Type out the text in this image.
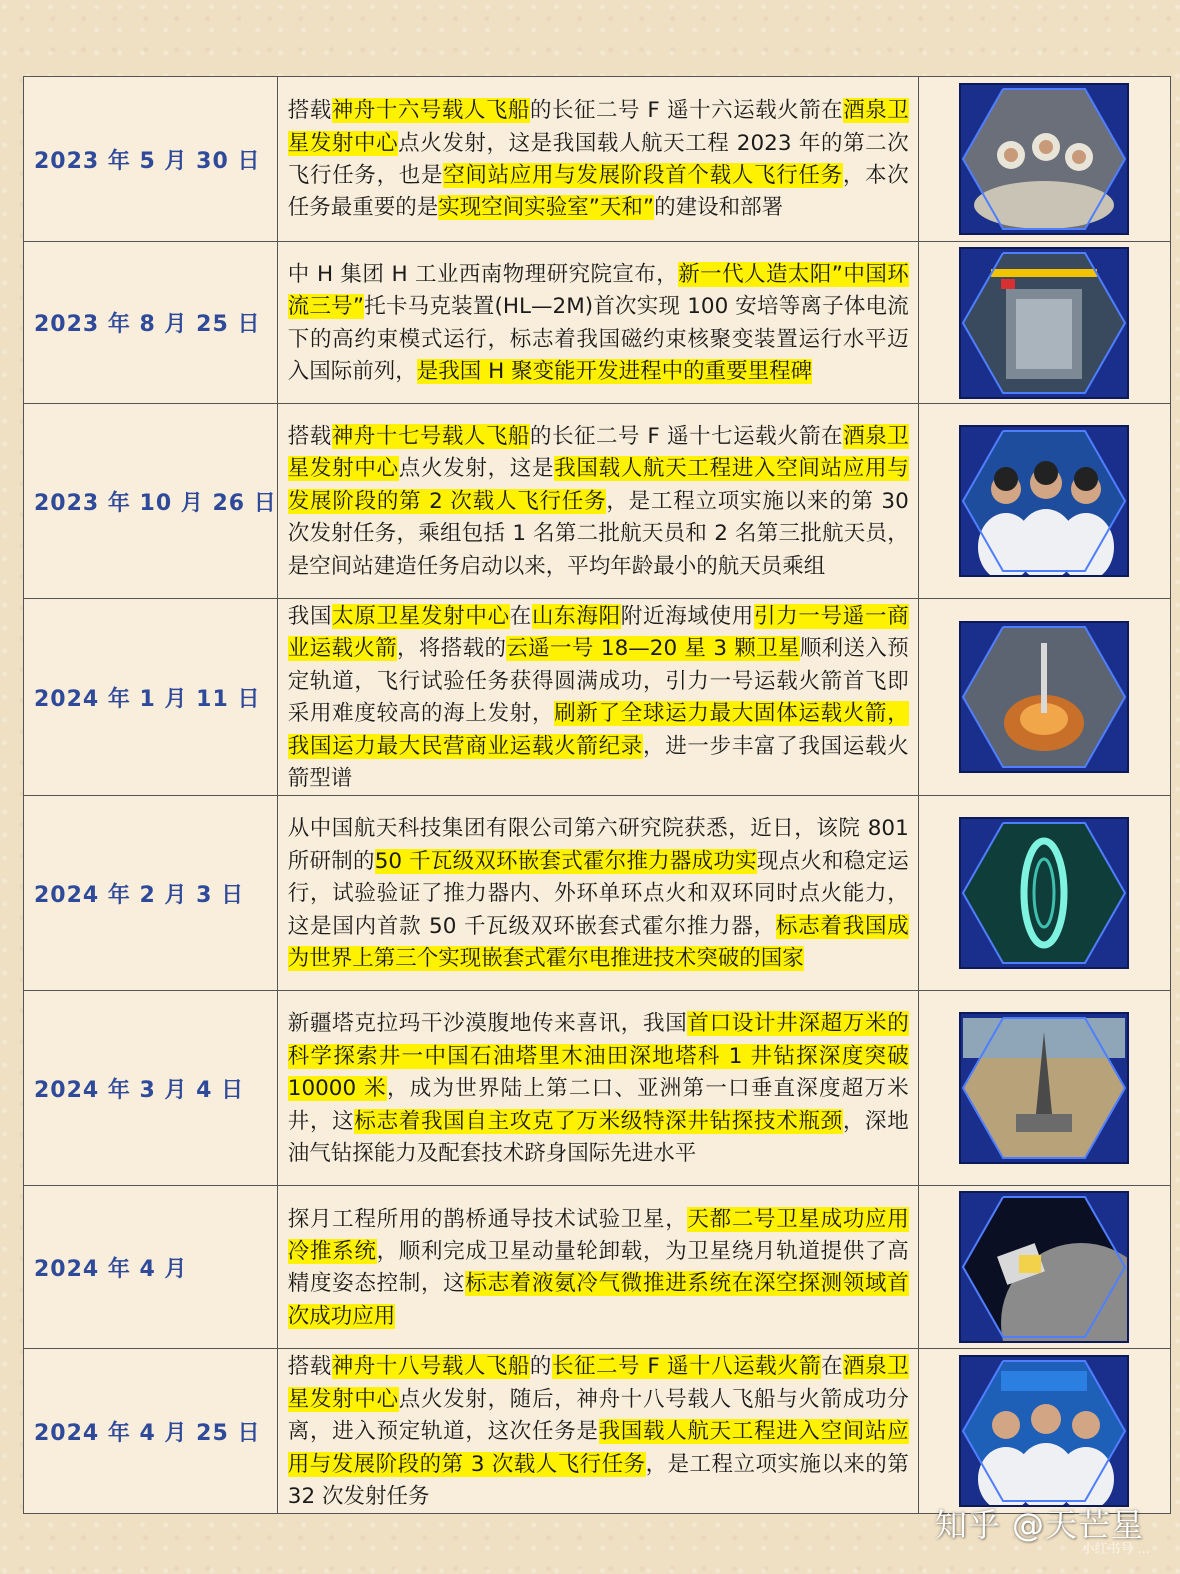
2023 年 5 月 30 日	搭载神舟十六号载人飞船的长征二号 F 遥十六运载火箭在酒泉卫星发射中心点火发射，这是我国载人航天工程 2023 年的第二次飞行任务，也是空间站应用与发展阶段首个载人飞行任务，本次任务最重要的是实现空间实验室”天和”的建设和部署

2023 年 8 月 25 日	中 H 集团 H 工业西南物理研究院宣布，新一代人造太阳”中国环流三号”托卡马克装置(HL—2M)首次实现 100 安培等离子体电流下的高约束模式运行，标志着我国磁约束核聚变装置运行水平迈入国际前列，是我国 H 聚变能开发进程中的重要里程碑

2023 年 10 月 26 日	搭载神舟十七号载人飞船的长征二号 F 遥十七运载火箭在酒泉卫星发射中心点火发射，这是我国载人航天工程进入空间站应用与发展阶段的第 2 次载人飞行任务，是工程立项实施以来的第 30 次发射任务，乘组包括 1 名第二批航天员和 2 名第三批航天员，是空间站建造任务启动以来，平均年龄最小的航天员乘组

2024 年 1 月 11 日	我国太原卫星发射中心在山东海阳附近海域使用引力一号遥一商业运载火箭，将搭载的云遥一号 18—20 星 3 颗卫星顺利送入预定轨道，飞行试验任务获得圆满成功，引力一号运载火箭首飞即采用难度较高的海上发射，刷新了全球运力最大固体运载火箭，我国运力最大民营商业运载火箭纪录，进一步丰富了我国运载火箭型谱

2024 年 2 月 3 日	从中国航天科技集团有限公司第六研究院获悉，近日，该院 801 所研制的50 千瓦级双环嵌套式霍尔推力器成功实现点火和稳定运行，试验验证了推力器内、外环单环点火和双环同时点火能力，这是国内首款 50 千瓦级双环嵌套式霍尔推力器，标志着我国成为世界上第三个实现嵌套式霍尔电推进技术突破的国家

2024 年 3 月 4 日	新疆塔克拉玛干沙漠腹地传来喜讯，我国首口设计井深超万米的科学探索井一中国石油塔里木油田深地塔科 1 井钻探深度突破 10000 米，成为世界陆上第二口、亚洲第一口垂直深度超万米井，这标志着我国自主攻克了万米级特深井钻探技术瓶颈，深地油气钻探能力及配套技术跻身国际先进水平

2024 年 4 月	探月工程所用的鹊桥通导技术试验卫星，天都二号卫星成功应用冷推系统，顺利完成卫星动量轮卸载，为卫星绕月轨道提供了高精度姿态控制，这标志着液氨冷气微推进系统在深空探测领域首次成功应用

2024 年 4 月 25 日	搭载神舟十八号载人飞船的长征二号 F 遥十八运载火箭在酒泉卫星发射中心点火发射，随后，神舟十八号载人飞船与火箭成功分离，进入预定轨道，这次任务是我国载人航天工程进入空间站应用与发展阶段的第 3 次载人飞行任务，是工程立项实施以来的第 32 次发射任务

知乎 @天芒星
小红书号 ...
